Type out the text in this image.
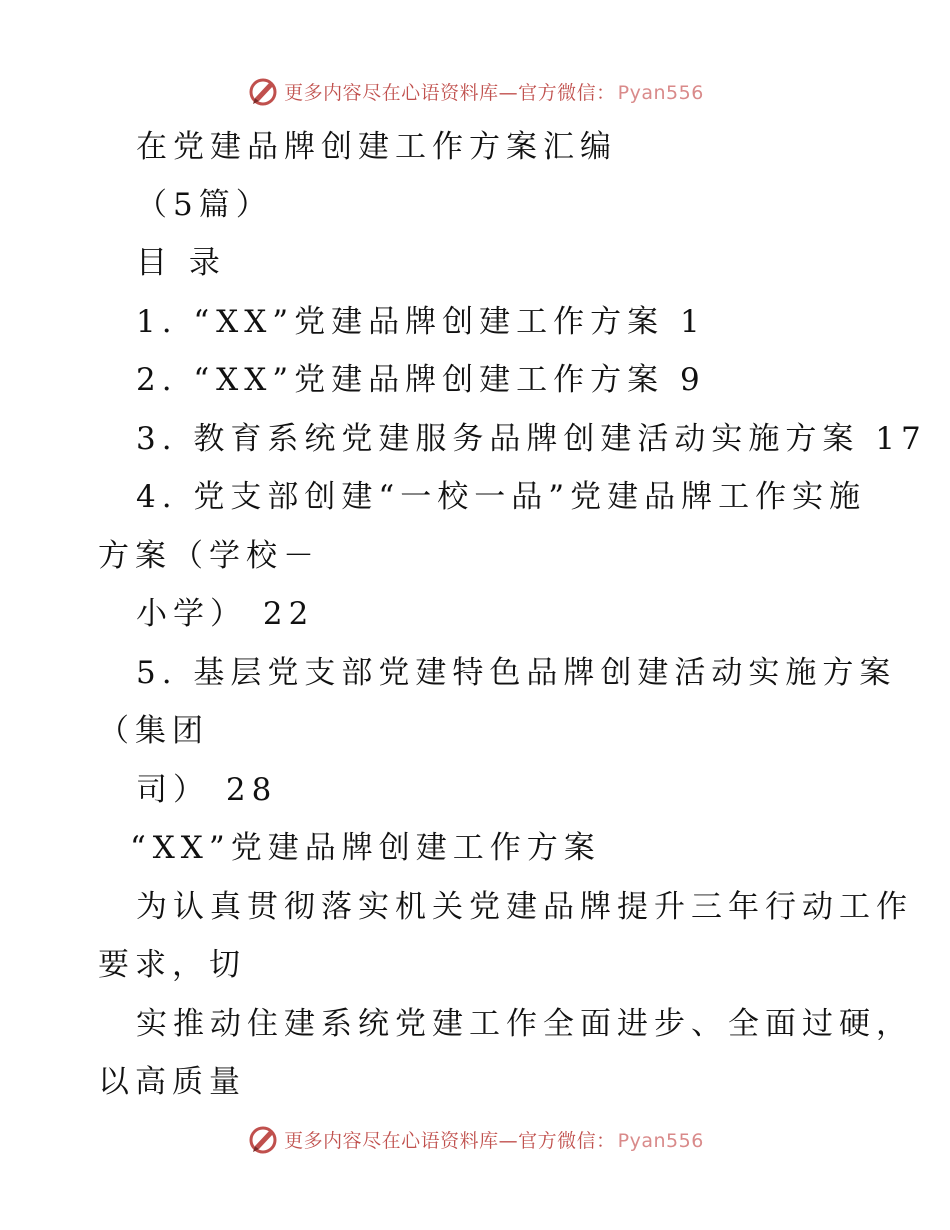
更多内容尽在心语资料库—官方微信： Pyan556
在党建品牌创建工作方案汇编
（5篇）
目 录
1. “XX”党建品牌创建工作方案 1
2. “XX”党建品牌创建工作方案 9
3. 教育系统党建服务品牌创建活动实施方案 17
4. 党支部创建“一校一品”党建品牌工作实施
方案（学校－
小学） 22
5. 基层党支部党建特色品牌创建活动实施方案
（集团
司） 28
“XX”党建品牌创建工作方案
为认真贯彻落实机关党建品牌提升三年行动工作
要求，切
实推动住建系统党建工作全面进步、全面过硬，
以高质量
更多内容尽在心语资料库—官方微信： Pyan556
